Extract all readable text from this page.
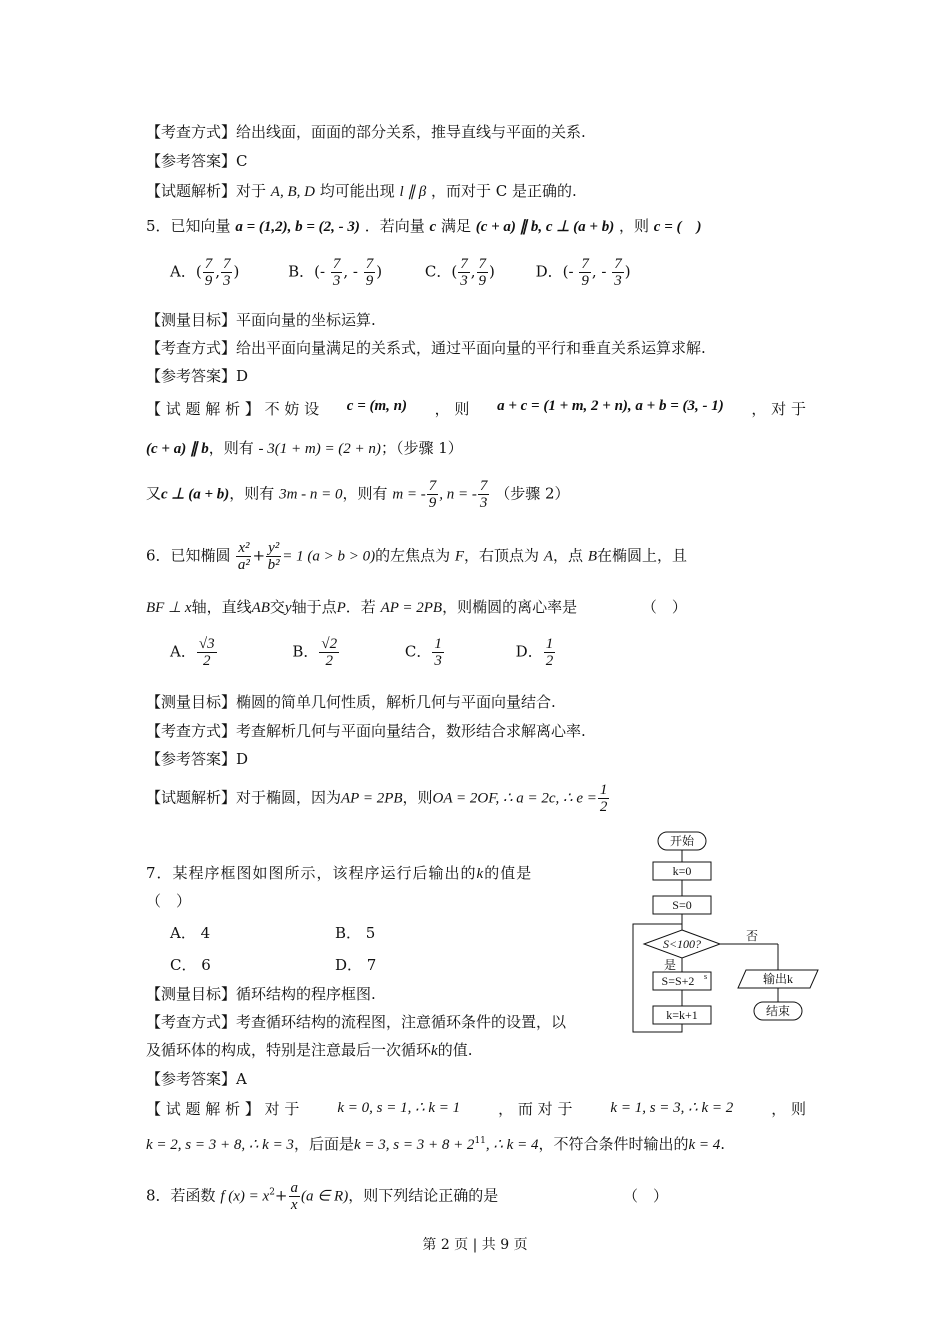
【考查方式】给出线面，面面的部分关系，推导直线与平面的关系.
【参考答案】C
【试题解析】对于 A, B, D 均可能出现 l ∥ β ，而对于 C 是正确的.
5．已知向量 a = (1,2), b = (2, - 3) ．若向量 c 满足 (c + a) ∥ b, c ⊥ (a + b) ，则 c = (　)
A．( $\frac{7}{9}$ , $\frac{7}{3}$ )	B．(- $\frac{7}{3}$ , - $\frac{7}{9}$ )	C．( $\frac{7}{3}$ , $\frac{7}{9}$ )	D．(- $\frac{7}{9}$ , - $\frac{7}{3}$ )
【测量目标】平面向量的坐标运算.
【考查方式】给出平面向量满足的关系式，通过平面向量的平行和垂直关系运算求解.
【参考答案】D
【 试 题 解 析 】 不 妨 设 c = (m, n) ， 则 a + c = (1 + m, 2 + n), a + b = (3, - 1) ， 对 于
(c + a) ∥ b，则有 - 3(1 + m) = (2 + n)；（步骤 1）
又c ⊥ (a + b)，则有 3m - n = 0，则有 m = - $\frac{7}{9}$ , n = - $\frac{7}{3}$ （步骤 2）
6．已知椭圆 $\frac{\text{x²}}{\text{a²}} + \frac{\text{y²}}{\text{b²}} = 1$ (a > b > 0)的左焦点为 F，右顶点为 A，点 B在椭圆上，且
BF ⊥ x轴，直线AB交y轴于点P．若 AP = 2PB，则椭圆的离心率是	（　）
A． $\frac{√3}{2}$	B． $\frac{√2}{2}$	C． $\frac{1}{3}$	D． $\frac{1}{2}$
【测量目标】椭圆的简单几何性质，解析几何与平面向量结合.
【考查方式】考查解析几何与平面向量结合，数形结合求解离心率.
【参考答案】D
【试题解析】对于椭圆，因为AP = 2PB，则OA = 2OF, ∴ a = 2c, ∴ $e = \frac{1}{2}$
7．某程序框图如图所示，该程序运行后输出的k的值是
（　）
A． 4	B． 5
C． 6	D． 7
【测量目标】循环结构的程序框图.
【考查方式】考查循环结构的流程图，注意循环条件的设置，以
及循环体的构成，特别是注意最后一次循环k的值.
【参考答案】A
【 试 题 解 析 】 对 于	k = 0, s = 1, ∴ k = 1	， 而 对 于	k = 1, s = 3, ∴ k = 2	， 则
k = 2, s = 3 + 8, ∴ k = 3，后面是k = 3, $s = 3 + 8 + 2^{11}$, ∴ k = 4，不符合条件时输出的k = 4.
8．若函数 f $(x) = x^2+ \frac{a}{x} (a$ ∈ R)，则下列结论正确的是	（　）
开始
k=0
S=0
S<100?
否
是
S=S+2 s
k=k+1
输出k
结束
第 2 页 | 共 9 页
